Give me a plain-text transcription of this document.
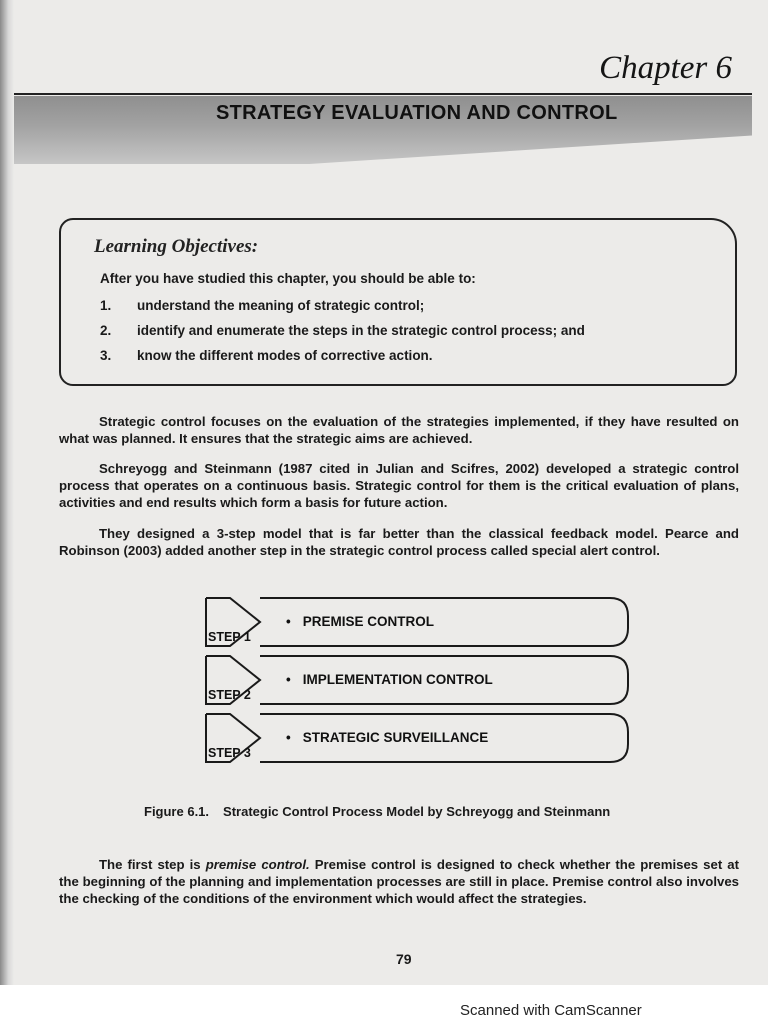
Chapter 6
STRATEGY EVALUATION AND CONTROL
Learning Objectives:
After you have studied this chapter, you should be able to:
1. understand the meaning of strategic control;
2. identify and enumerate the steps in the strategic control process; and
3. know the different modes of corrective action.

Strategic control focuses on the evaluation of the strategies implemented, if they have resulted on what was planned. It ensures that the strategic aims are achieved.

Schreyogg and Steinmann (1987 cited in Julian and Scifres, 2002) developed a strategic control process that operates on a continuous basis. Strategic control for them is the critical evaluation of plans, activities and end results which form a basis for future action.

They designed a 3-step model that is far better than the classical feedback model. Pearce and Robinson (2003) added another step in the strategic control process called special alert control.

• PREMISE CONTROL
STEP 1
• IMPLEMENTATION CONTROL
STEP 2
• STRATEGIC SURVEILLANCE
STEP 3
Figure 6.1. Strategic Control Process Model by Schreyogg and Steinmann

The first step is premise control. Premise control is designed to check whether the premises set at the beginning of the planning and implementation processes are still in place. Premise control also involves the checking of the conditions of the environment which would affect the strategies.

79
Scanned with CamScanner
